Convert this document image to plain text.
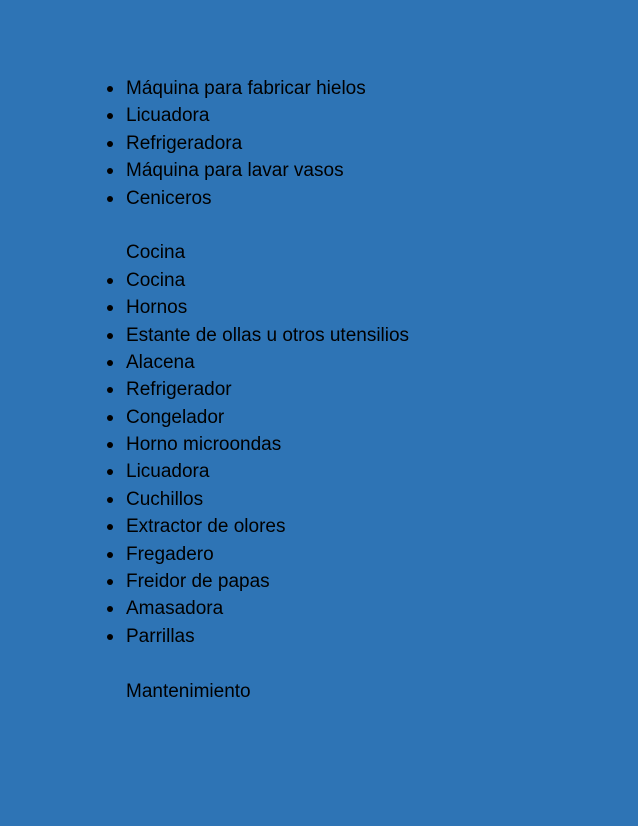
Máquina para fabricar hielos
Licuadora
Refrigeradora
Máquina para lavar vasos
Ceniceros
Cocina
Cocina
Hornos
Estante de ollas u otros utensilios
Alacena
Refrigerador
Congelador
Horno microondas
Licuadora
Cuchillos
Extractor de olores
Fregadero
Freidor de papas
Amasadora
Parrillas
Mantenimiento
